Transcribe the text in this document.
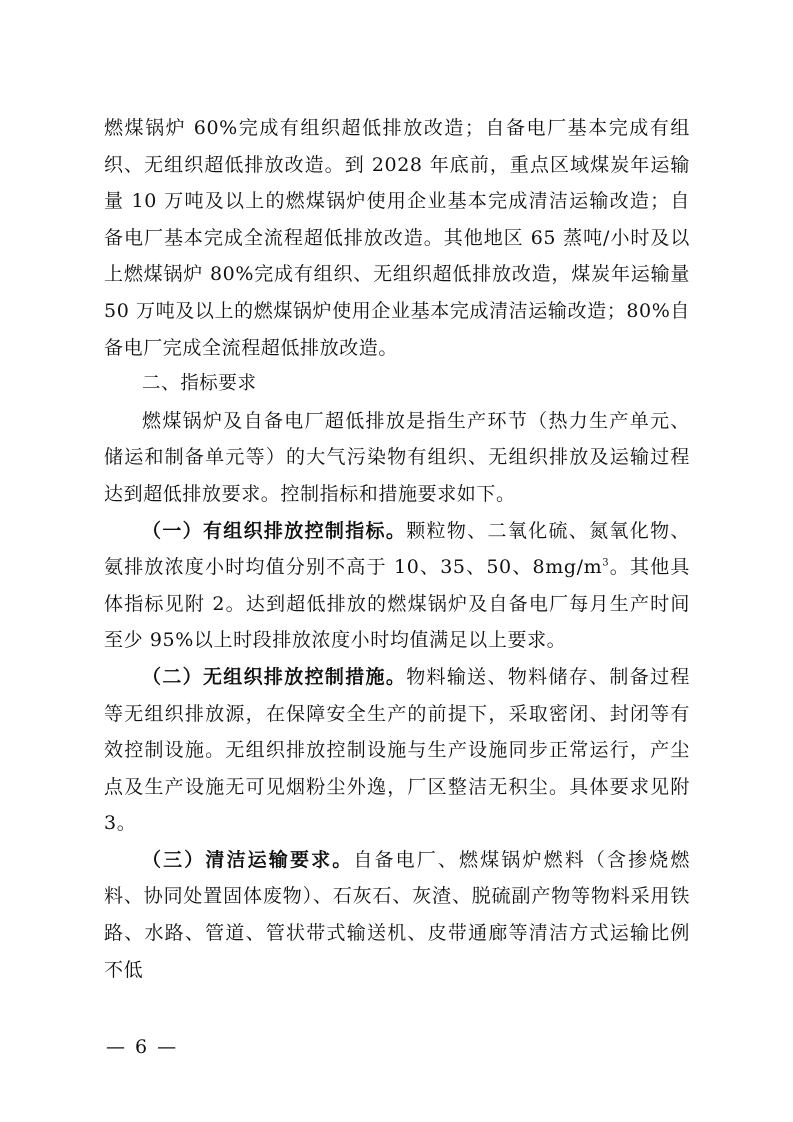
燃煤锅炉 60%完成有组织超低排放改造；自备电厂基本完成有组织、无组织超低排放改造。到 2028 年底前，重点区域煤炭年运输量 10 万吨及以上的燃煤锅炉使用企业基本完成清洁运输改造；自备电厂基本完成全流程超低排放改造。其他地区 65 蒸吨/小时及以上燃煤锅炉 80%完成有组织、无组织超低排放改造，煤炭年运输量 50 万吨及以上的燃煤锅炉使用企业基本完成清洁运输改造；80%自备电厂完成全流程超低排放改造。

二、指标要求

燃煤锅炉及自备电厂超低排放是指生产环节（热力生产单元、储运和制备单元等）的大气污染物有组织、无组织排放及运输过程达到超低排放要求。控制指标和措施要求如下。

（一）有组织排放控制指标。颗粒物、二氧化硫、氮氧化物、氨排放浓度小时均值分别不高于 10、35、50、$8mg/m^3$。其他具体指标见附 2。达到超低排放的燃煤锅炉及自备电厂每月生产时间至少 95%以上时段排放浓度小时均值满足以上要求。

（二）无组织排放控制措施。物料输送、物料储存、制备过程等无组织排放源，在保障安全生产的前提下，采取密闭、封闭等有效控制设施。无组织排放控制设施与生产设施同步正常运行，产尘点及生产设施无可见烟粉尘外逸，厂区整洁无积尘。具体要求见附 3。

（三）清洁运输要求。自备电厂、燃煤锅炉燃料（含掺烧燃料、协同处置固体废物）、石灰石、灰渣、脱硫副产物等物料采用铁路、水路、管道、管状带式输送机、皮带通廊等清洁方式运输比例不低

— 6 —
